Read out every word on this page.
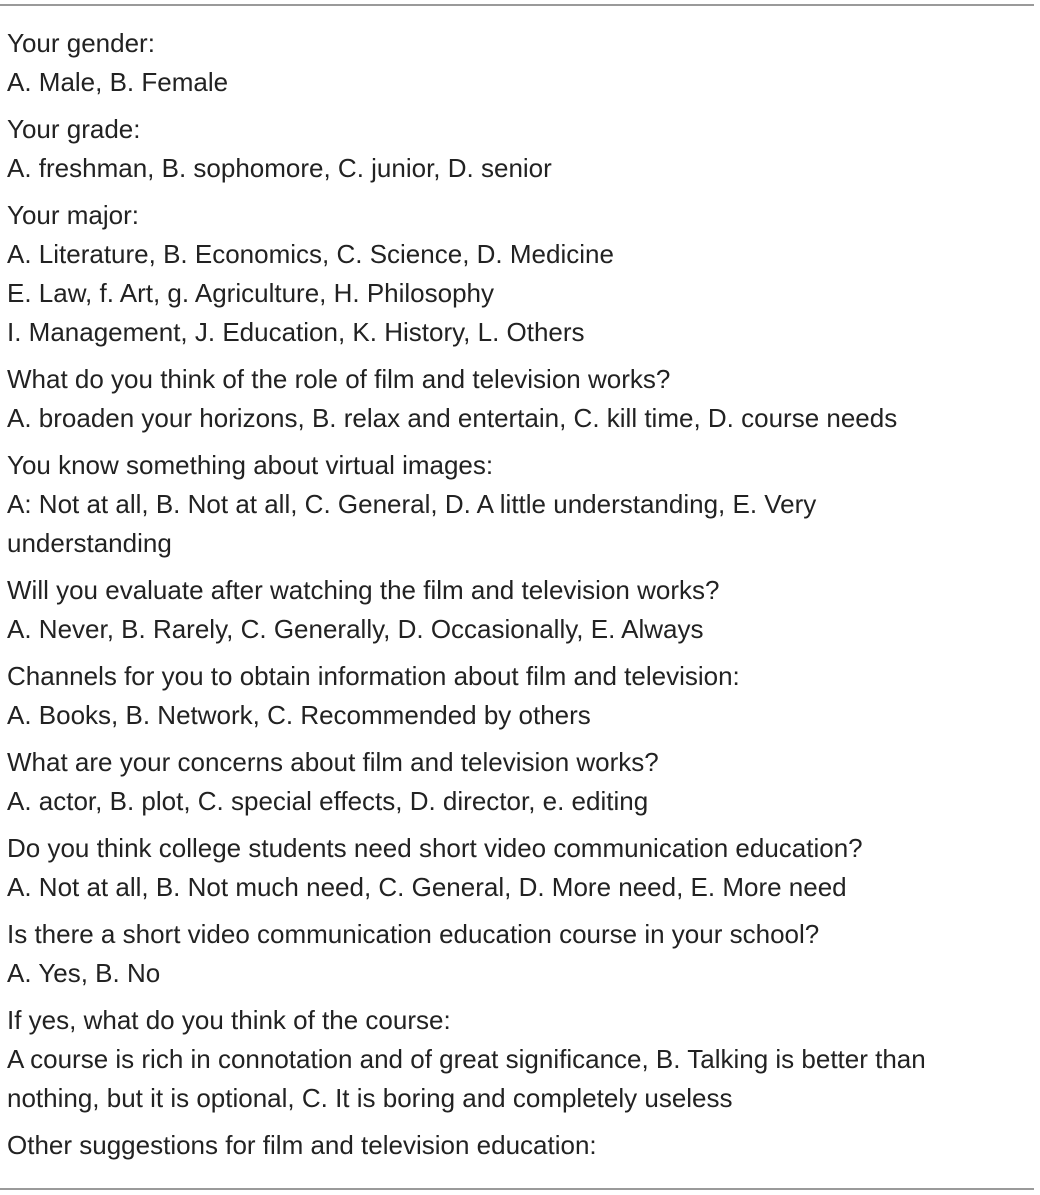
Your gender:
A. Male, B. Female
Your grade:
A. freshman, B. sophomore, C. junior, D. senior
Your major:
A. Literature, B. Economics, C. Science, D. Medicine
E. Law, f. Art, g. Agriculture, H. Philosophy
I. Management, J. Education, K. History, L. Others
What do you think of the role of film and television works?
A. broaden your horizons, B. relax and entertain, C. kill time, D. course needs
You know something about virtual images:
A: Not at all, B. Not at all, C. General, D. A little understanding, E. Very understanding
Will you evaluate after watching the film and television works?
A. Never, B. Rarely, C. Generally, D. Occasionally, E. Always
Channels for you to obtain information about film and television:
A. Books, B. Network, C. Recommended by others
What are your concerns about film and television works?
A. actor, B. plot, C. special effects, D. director, e. editing
Do you think college students need short video communication education?
A. Not at all, B. Not much need, C. General, D. More need, E. More need
Is there a short video communication education course in your school?
A. Yes, B. No
If yes, what do you think of the course:
A course is rich in connotation and of great significance, B. Talking is better than nothing, but it is optional, C. It is boring and completely useless
Other suggestions for film and television education:
